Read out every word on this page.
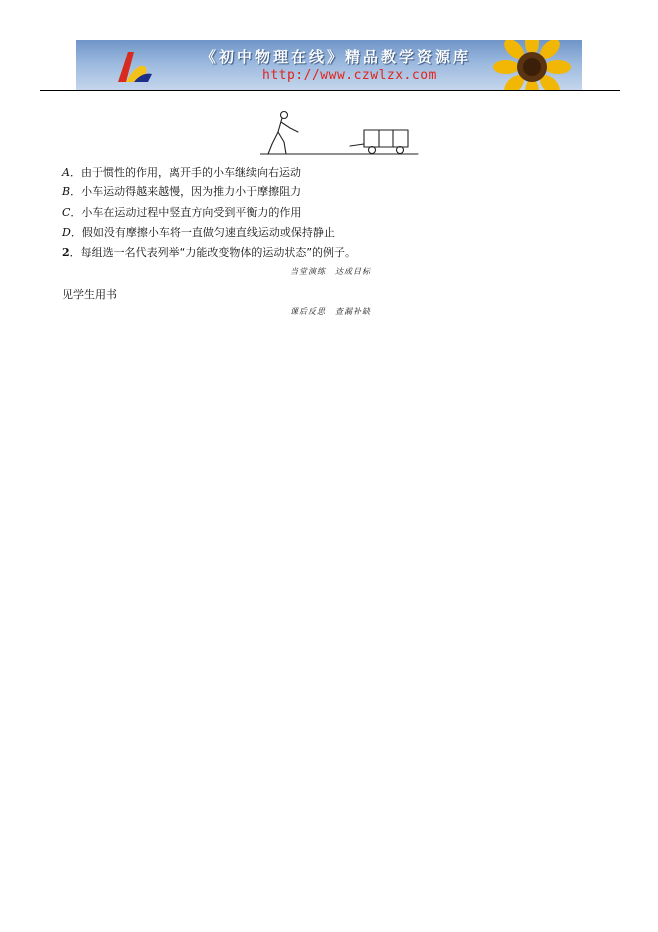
《初中物理在线》精品教学资源库
http://www.czwlzx.com
A．由于惯性的作用，离开手的小车继续向右运动
B．小车运动得越来越慢，因为推力小于摩擦阻力
C．小车在运动过程中竖直方向受到平衡力的作用
D．假如没有摩擦小车将一直做匀速直线运动或保持静止
2．每组选一名代表列举“力能改变物体的运动状态”的例子。
当堂演练　达成目标
见学生用书
课后反思　查漏补缺
